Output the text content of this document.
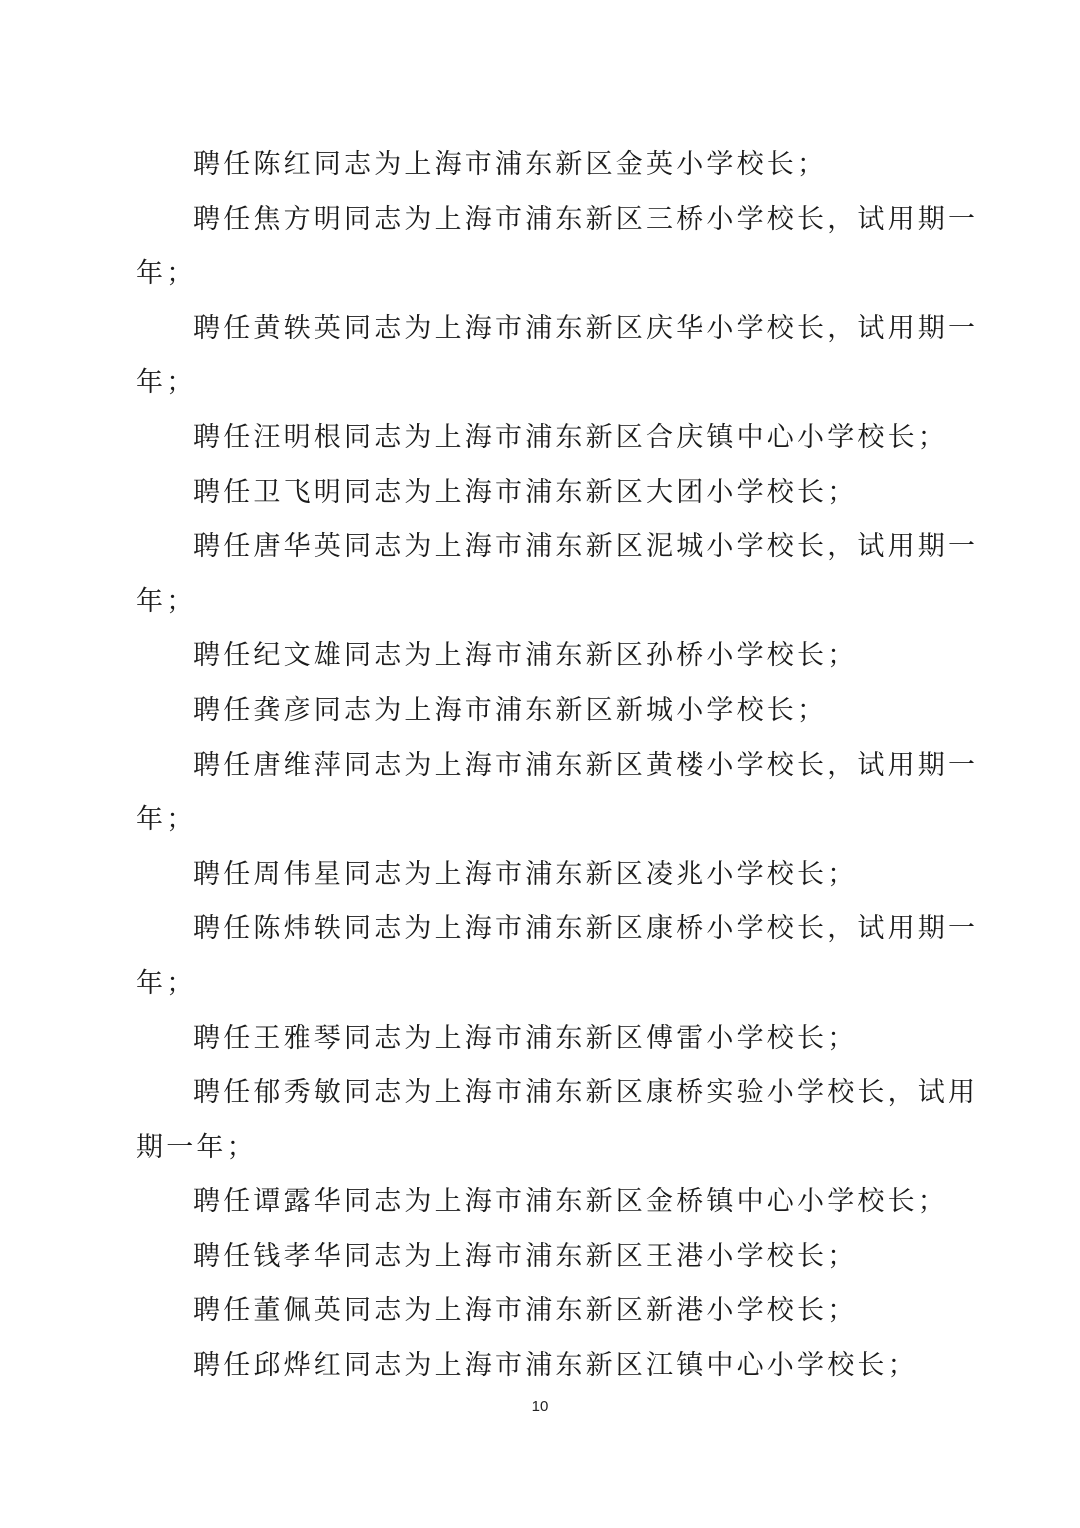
聘任陈红同志为上海市浦东新区金英小学校长；
聘任焦方明同志为上海市浦东新区三桥小学校长，试用期一
年；
聘任黄轶英同志为上海市浦东新区庆华小学校长，试用期一
年；
聘任汪明根同志为上海市浦东新区合庆镇中心小学校长；
聘任卫飞明同志为上海市浦东新区大团小学校长；
聘任唐华英同志为上海市浦东新区泥城小学校长，试用期一
年；
聘任纪文雄同志为上海市浦东新区孙桥小学校长；
聘任龚彦同志为上海市浦东新区新城小学校长；
聘任唐维萍同志为上海市浦东新区黄楼小学校长，试用期一
年；
聘任周伟星同志为上海市浦东新区凌兆小学校长；
聘任陈炜轶同志为上海市浦东新区康桥小学校长，试用期一
年；
聘任王雅琴同志为上海市浦东新区傅雷小学校长；
聘任郁秀敏同志为上海市浦东新区康桥实验小学校长，试用
期一年；
聘任谭露华同志为上海市浦东新区金桥镇中心小学校长；
聘任钱孝华同志为上海市浦东新区王港小学校长；
聘任董佩英同志为上海市浦东新区新港小学校长；
聘任邱烨红同志为上海市浦东新区江镇中心小学校长；
10
